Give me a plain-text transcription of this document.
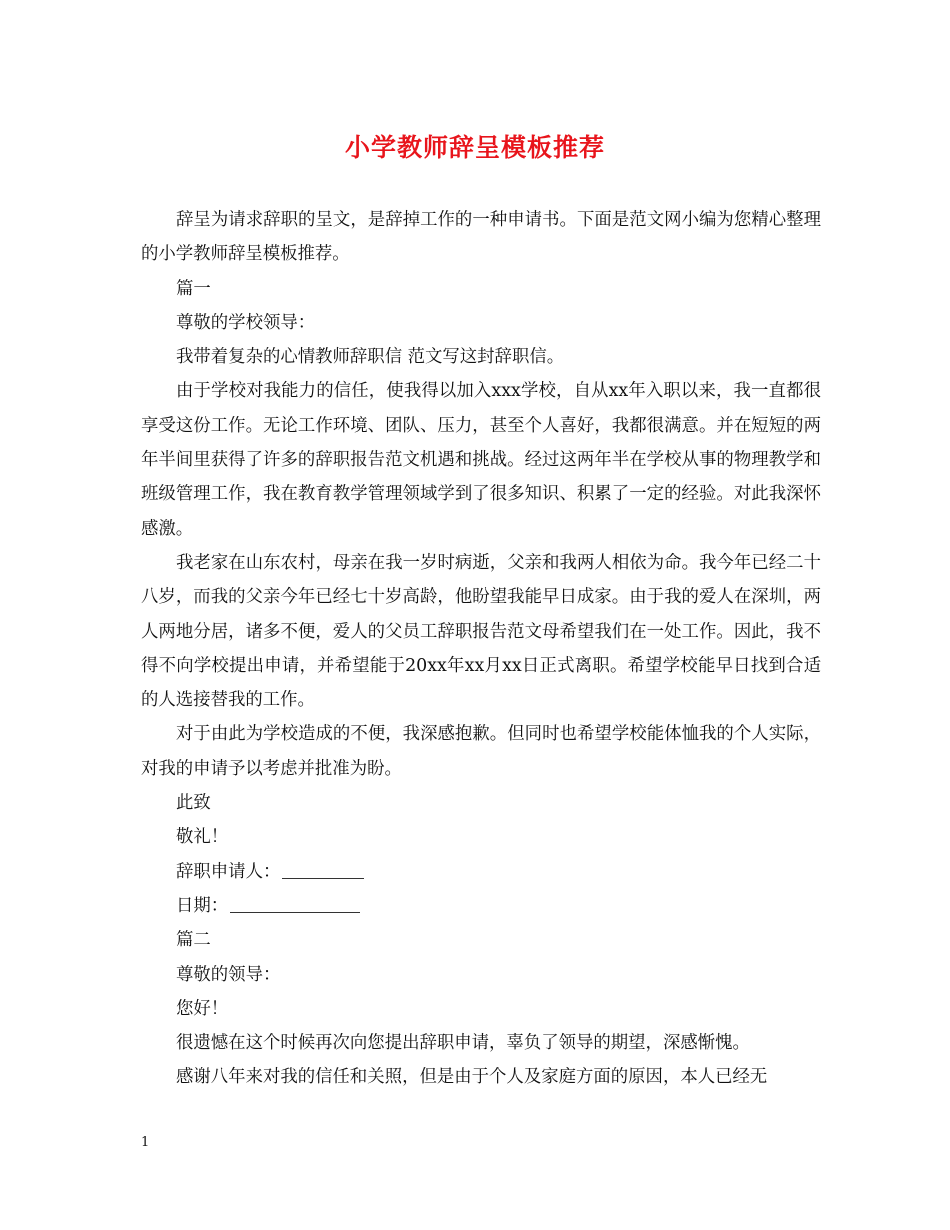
小学教师辞呈模板推荐

辞呈为请求辞职的呈文，是辞掉工作的一种申请书。下面是范文网小编为您精心整理的小学教师辞呈模板推荐。

篇一

尊敬的学校领导：

我带着复杂的心情教师辞职信 范文写这封辞职信。

由于学校对我能力的信任，使我得以加入xxx学校，自从xx年入职以来，我一直都很享受这份工作。无论工作环境、团队、压力，甚至个人喜好，我都很满意。并在短短的两年半间里获得了许多的辞职报告范文机遇和挑战。经过这两年半在学校从事的物理教学和班级管理工作，我在教育教学管理领域学到了很多知识、积累了一定的经验。对此我深怀感激。

我老家在山东农村，母亲在我一岁时病逝，父亲和我两人相依为命。我今年已经二十八岁，而我的父亲今年已经七十岁高龄，他盼望我能早日成家。由于我的爱人在深圳，两人两地分居，诸多不便，爱人的父员工辞职报告范文母希望我们在一处工作。因此，我不得不向学校提出申请，并希望能于20xx年xx月xx日正式离职。希望学校能早日找到合适的人选接替我的工作。

对于由此为学校造成的不便，我深感抱歉。但同时也希望学校能体恤我的个人实际，对我的申请予以考虑并批准为盼。

此致

敬礼！

辞职申请人：

日期：

篇二

尊敬的领导：

您好！

很遗憾在这个时候再次向您提出辞职申请，辜负了领导的期望，深感惭愧。

感谢八年来对我的信任和关照，但是由于个人及家庭方面的原因，本人已经无

1
